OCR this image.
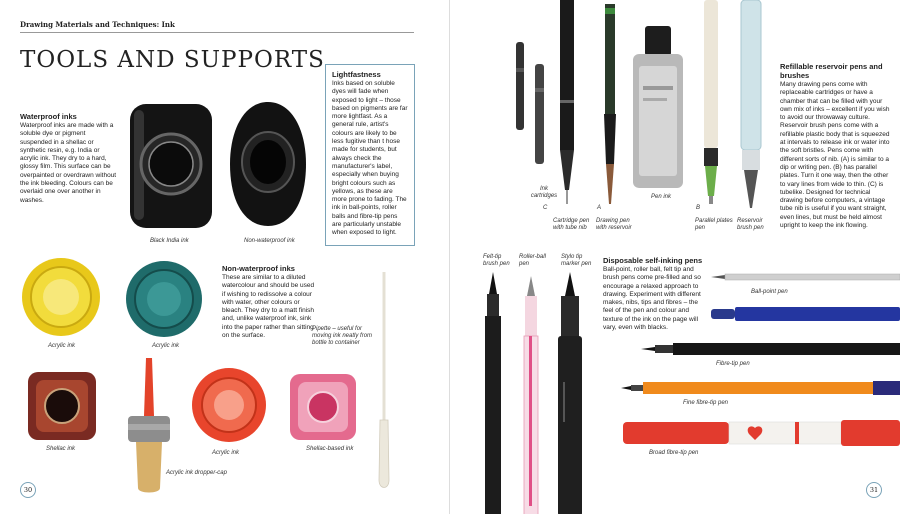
Drawing Materials and Techniques: Ink
TOOLS AND SUPPORTS
Waterproof inks

Waterproof inks are made with a soluble dye or pigment suspended in a shellac or synthetic resin, e.g. India or acrylic ink. They dry to a hard, glossy film. This surface can be overpainted or overdrawn without the ink bleeding. Colours can be overlaid one over another in washes.

Lightfastness

Inks based on soluble dyes will fade when exposed to light – those based on pigments are far more lightfast. As a general rule, artist's colours are likely to be less fugitive than t hose made for students, but always check the manufacturer's label, especially when buying bright colours such as yellows, as these are more prone to fading. The ink in ball-points, roller balls and fibre-tip pens are particularly unstable when exposed to light.

Black India ink	Non-waterproof ink
Acrylic ink	Acrylic ink
Non-waterproof inks

These are similar to a diluted watercolour and should be used if wishing to redissolve a colour with water, other colours or bleach. They dry to a matt finish and, unlike waterproof ink, sink into the paper rather than sitting on the surface.

Pipette – useful for moving ink neatly from bottle to container
Shellac ink
Acrylic ink dropper-cap
Acrylic ink
Shellac-based ink
30
Ink cartridges
C
Cartridge pen with tube nib
A
Drawing pen with reservoir
Pen ink
B
Parallel plates pen
Reservoir brush pen
Refillable reservoir pens and brushes

Many drawing pens come with replaceable cartridges or have a chamber that can be filled with your own mix of inks – excellent if you wish to avoid our throwaway culture. Reservoir brush pens come with a refillable plastic body that is squeezed at intervals to release ink or water into the soft bristles. Pens come with different sorts of nib. (A) is similar to a dip or writing pen. (B) has parallel plates. Turn it one way, then the other to vary lines from wide to thin. (C) is tubelike. Designed for technical drawing before computers, a vintage tube nib is useful if you want straight, even lines, but must be held almost upright to keep the ink flowing.

Felt-tip brush pen
Roller-ball pen
Stylo tip marker pen	Disposable self-inking pens

Ball-point, roller ball, felt tip and brush pens come pre-filled and so encourage a relaxed approach to drawing. Experiment with different makes, nibs, tips and fibres – the feel of the pen and colour and texture of the ink on the page will vary, even with blacks.

Ball-point pen
Fibre-tip pen
Fine fibre-tip pen
Broad fibre-tip pen
31
